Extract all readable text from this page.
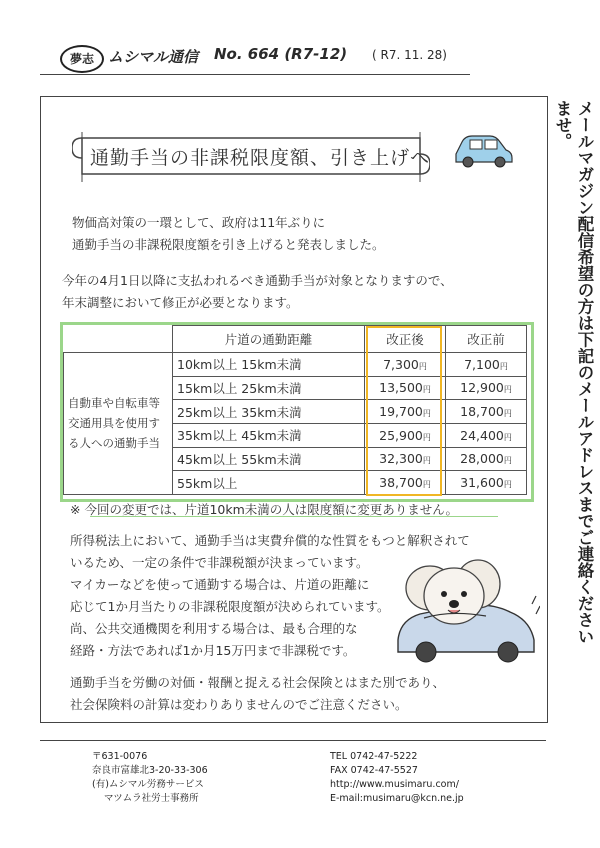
夢志 ムシマル通信 No. 664 (R7-12) ( R7. 11. 28)
メールマガジン配信希望の方は下記のメールアドレスまでご連絡くださいませ。
通勤手当の非課税限度額、引き上げへ
物価高対策の一環として、政府は11年ぶりに
通勤手当の非課税限度額を引き上げると発表しました。
今年の4月1日以降に支払われるべき通勤手当が対象となりますので、
年末調整において修正が必要となります。
	片道の通勤距離	改正後	改正前
自動車や自転車等交通用具を使用する人への通勤手当	10km以上 15km未満	7,300円	7,100円
	15km以上 25km未満	13,500円	12,900円
	25km以上 35km未満	19,700円	18,700円
	35km以上 45km未満	25,900円	24,400円
	45km以上 55km未満	32,300円	28,000円
	55km以上	38,700円	31,600円
※ 今回の変更では、片道10km未満の人は限度額に変更ありません。
所得税法上において、通勤手当は実費弁償的な性質をもつと解釈されて
いるため、一定の条件で非課税額が決まっています。
マイカーなどを使って通勤する場合は、片道の距離に
応じて1か月当たりの非課税限度額が決められています。
尚、公共交通機関を利用する場合は、最も合理的な
経路・方法であれば1か月15万円まで非課税です。
通勤手当を労働の対価・報酬と捉える社会保険とはまた別であり、
社会保険料の計算は変わりありませんのでご注意ください。
〒631-0076
奈良市富雄北3-20-33-306
(有)ムシマル労務サービス
マツムラ社労士事務所
TEL 0742-47-5222
FAX 0742-47-5527
http://www.musimaru.com/
E-mail:musimaru@kcn.ne.jp
